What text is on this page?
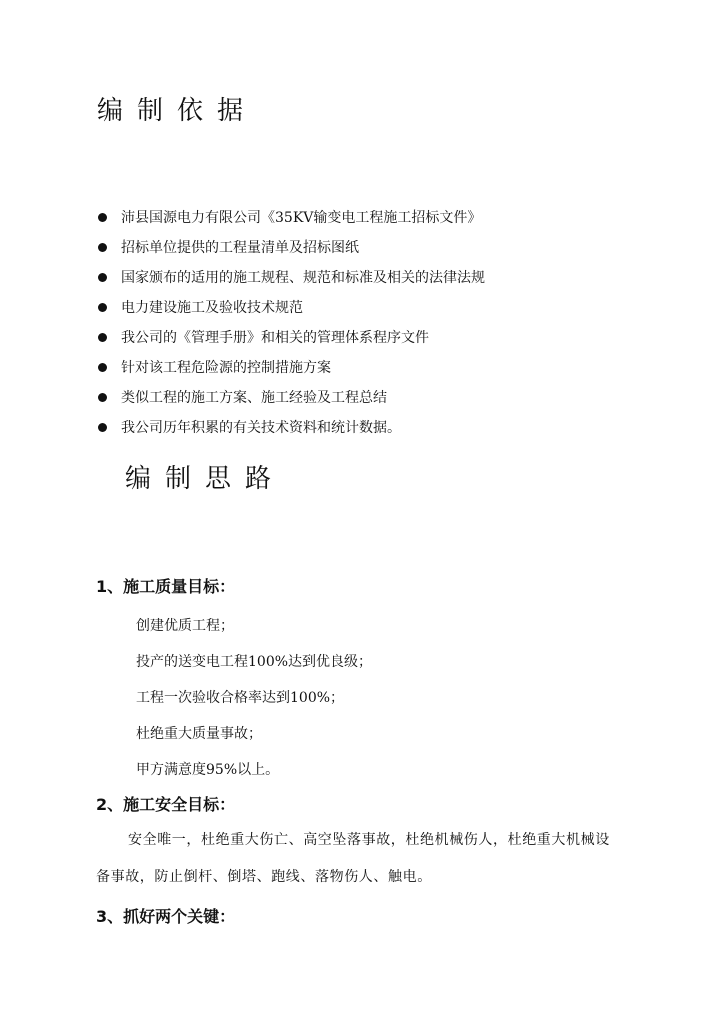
编制依据
沛县国源电力有限公司《35KV输变电工程施工招标文件》
招标单位提供的工程量清单及招标图纸
国家颁布的适用的施工规程、规范和标准及相关的法律法规
电力建设施工及验收技术规范
我公司的《管理手册》和相关的管理体系程序文件
针对该工程危险源的控制措施方案
类似工程的施工方案、施工经验及工程总结
我公司历年积累的有关技术资料和统计数据。
编制思路
1、施工质量目标：
创建优质工程；
投产的送变电工程100%达到优良级；
工程一次验收合格率达到100%；
杜绝重大质量事故；
甲方满意度95%以上。
2、施工安全目标：

安全唯一，杜绝重大伤亡、高空坠落事故，杜绝机械伤人，杜绝重大机械设

备事故，防止倒杆、倒塔、跑线、落物伤人、触电。

3、抓好两个关键：
